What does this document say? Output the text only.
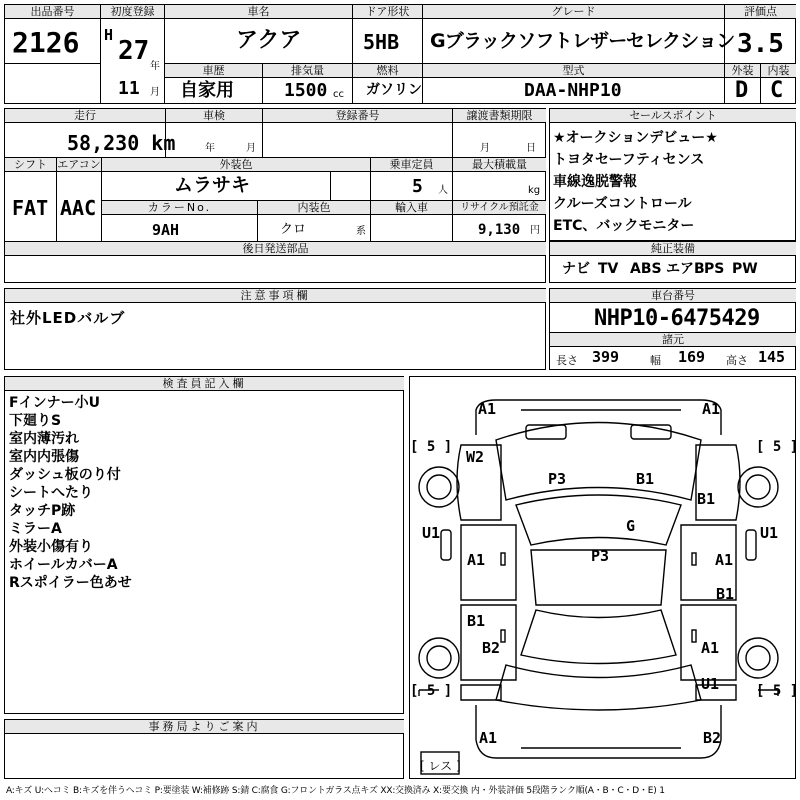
出品番号
2126
初度登録
H
27
年
11 月
車名
アクア
ドア形状
5HB
グレード
Gブラックソフトレザーセレクション
評価点
3.5
車歴
自家用
排気量
1500 cc
燃料
ガソリン
型式
DAA-NHP10
外装	内装
D C
走行
58,230 km
車検
年	月
登録番号	譲渡書類期限
月	日
シフト
FAT
エアコン
AAC
外装色
ムラサキ
乗車定員
5 人
最大積載量
kg
カラーNo.
9AH
内装色
クロ	系
輸入車	リサイクル預託金
9,130 円
後日発送部品
セールスポイント
★オークションデビュー★
トヨタセーフティセンス
車線逸脱警報
クルーズコントロール
ETC、バックモニター
純正装備
ナビ TV ABS エアB PS PW
注意事項欄
社外LEDバルブ
車台番号
NHP10-6475429
諸元
長さ 399	幅 169 高さ 145
検査員記入欄
Fインナー小U
下廻りS
室内薄汚れ
室内内張傷
ダッシュ板のり付
シートへたり
タッチP跡
ミラーA
外装小傷有り
ホイールカバーA
Rスポイラー色あせ
事務局よりご案内
[ 5 ]	[ 5 ]
[ 5 ]	[ 5 ]
[ レス ]
A1	A1
W2
P3	B1
B1
G
U1	U1
A1	P3	A1
B1
B1
B2	A1
U1
A1	B2
A:キズ U:ヘコミ B:キズを伴うヘコミ P:要塗装 W:補修跡 S:錆 C:腐食 G:フロントガラス点キズ XX:交換済み X:要交換 内・外装評価 5段階ランク順(A・B・C・D・E) 1
